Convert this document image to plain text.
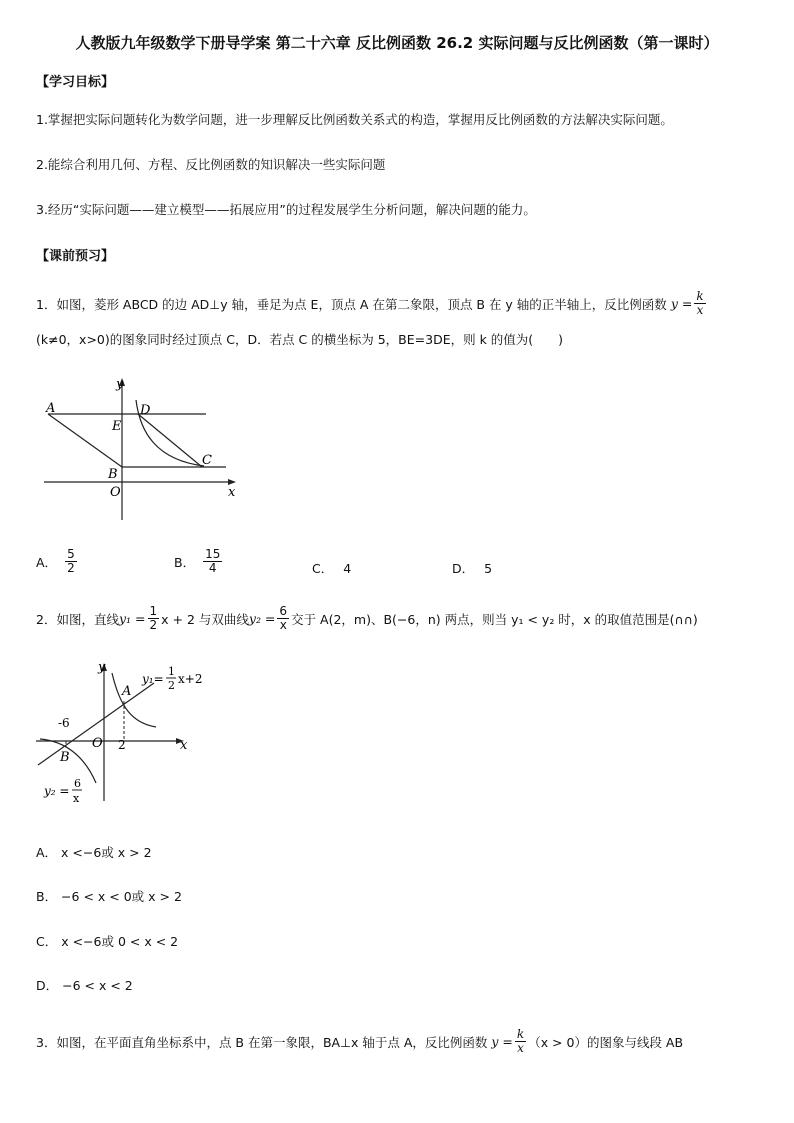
人教版九年级数学下册导学案 第二十六章 反比例函数 26.2 实际问题与反比例函数（第一课时）
【学习目标】
1.掌握把实际问题转化为数学问题，进一步理解反比例函数关系式的构造，掌握用反比例函数的方法解决实际问题。
2.能综合利用几何、方程、反比例函数的知识解决一些实际问题
3.经历“实际问题——建立模型——拓展应用”的过程发展学生分析问题，解决问题的能力。
【课前预习】
1．如图，菱形 ABCD 的边 AD⊥y 轴，垂足为点 E，顶点 A 在第二象限，顶点 B 在 y 轴的正半轴上，反比例函数 $y = \frac{k}{x}$
(k≠0，x>0)的图象同时经过顶点 C，D．若点 C 的横坐标为 5，BE=3DE，则 k 的值为(　　)
y
x
A	D
E
B
C
O
A． $\frac{5}{2}$	B． $\frac{15}{4}$	C． 4	D． 5
2．如图，直线 $y_1 = \frac{1}{2}$ x + 2 与双曲线 $y_2 = \frac{6}{x}$ 交于 A(2，m)、B(−6，n) 两点，则当 y₁ < y₂ 时，x 的取值范围是(∩∩)
y
x
A
B
O
-6
2
y₁=
1
2 x+2
y₂ =
6
x
A． x <−6或 x > 2
B． −6 < x < 0或 x > 2
C． x <−6或 0 < x < 2
D． −6 < x < 2
3．如图，在平面直角坐标系中，点 B 在第一象限，BA⊥x 轴于点 A，反比例函数 $y = \frac{k}{x} (x > 0)$的图象与线段 AB
